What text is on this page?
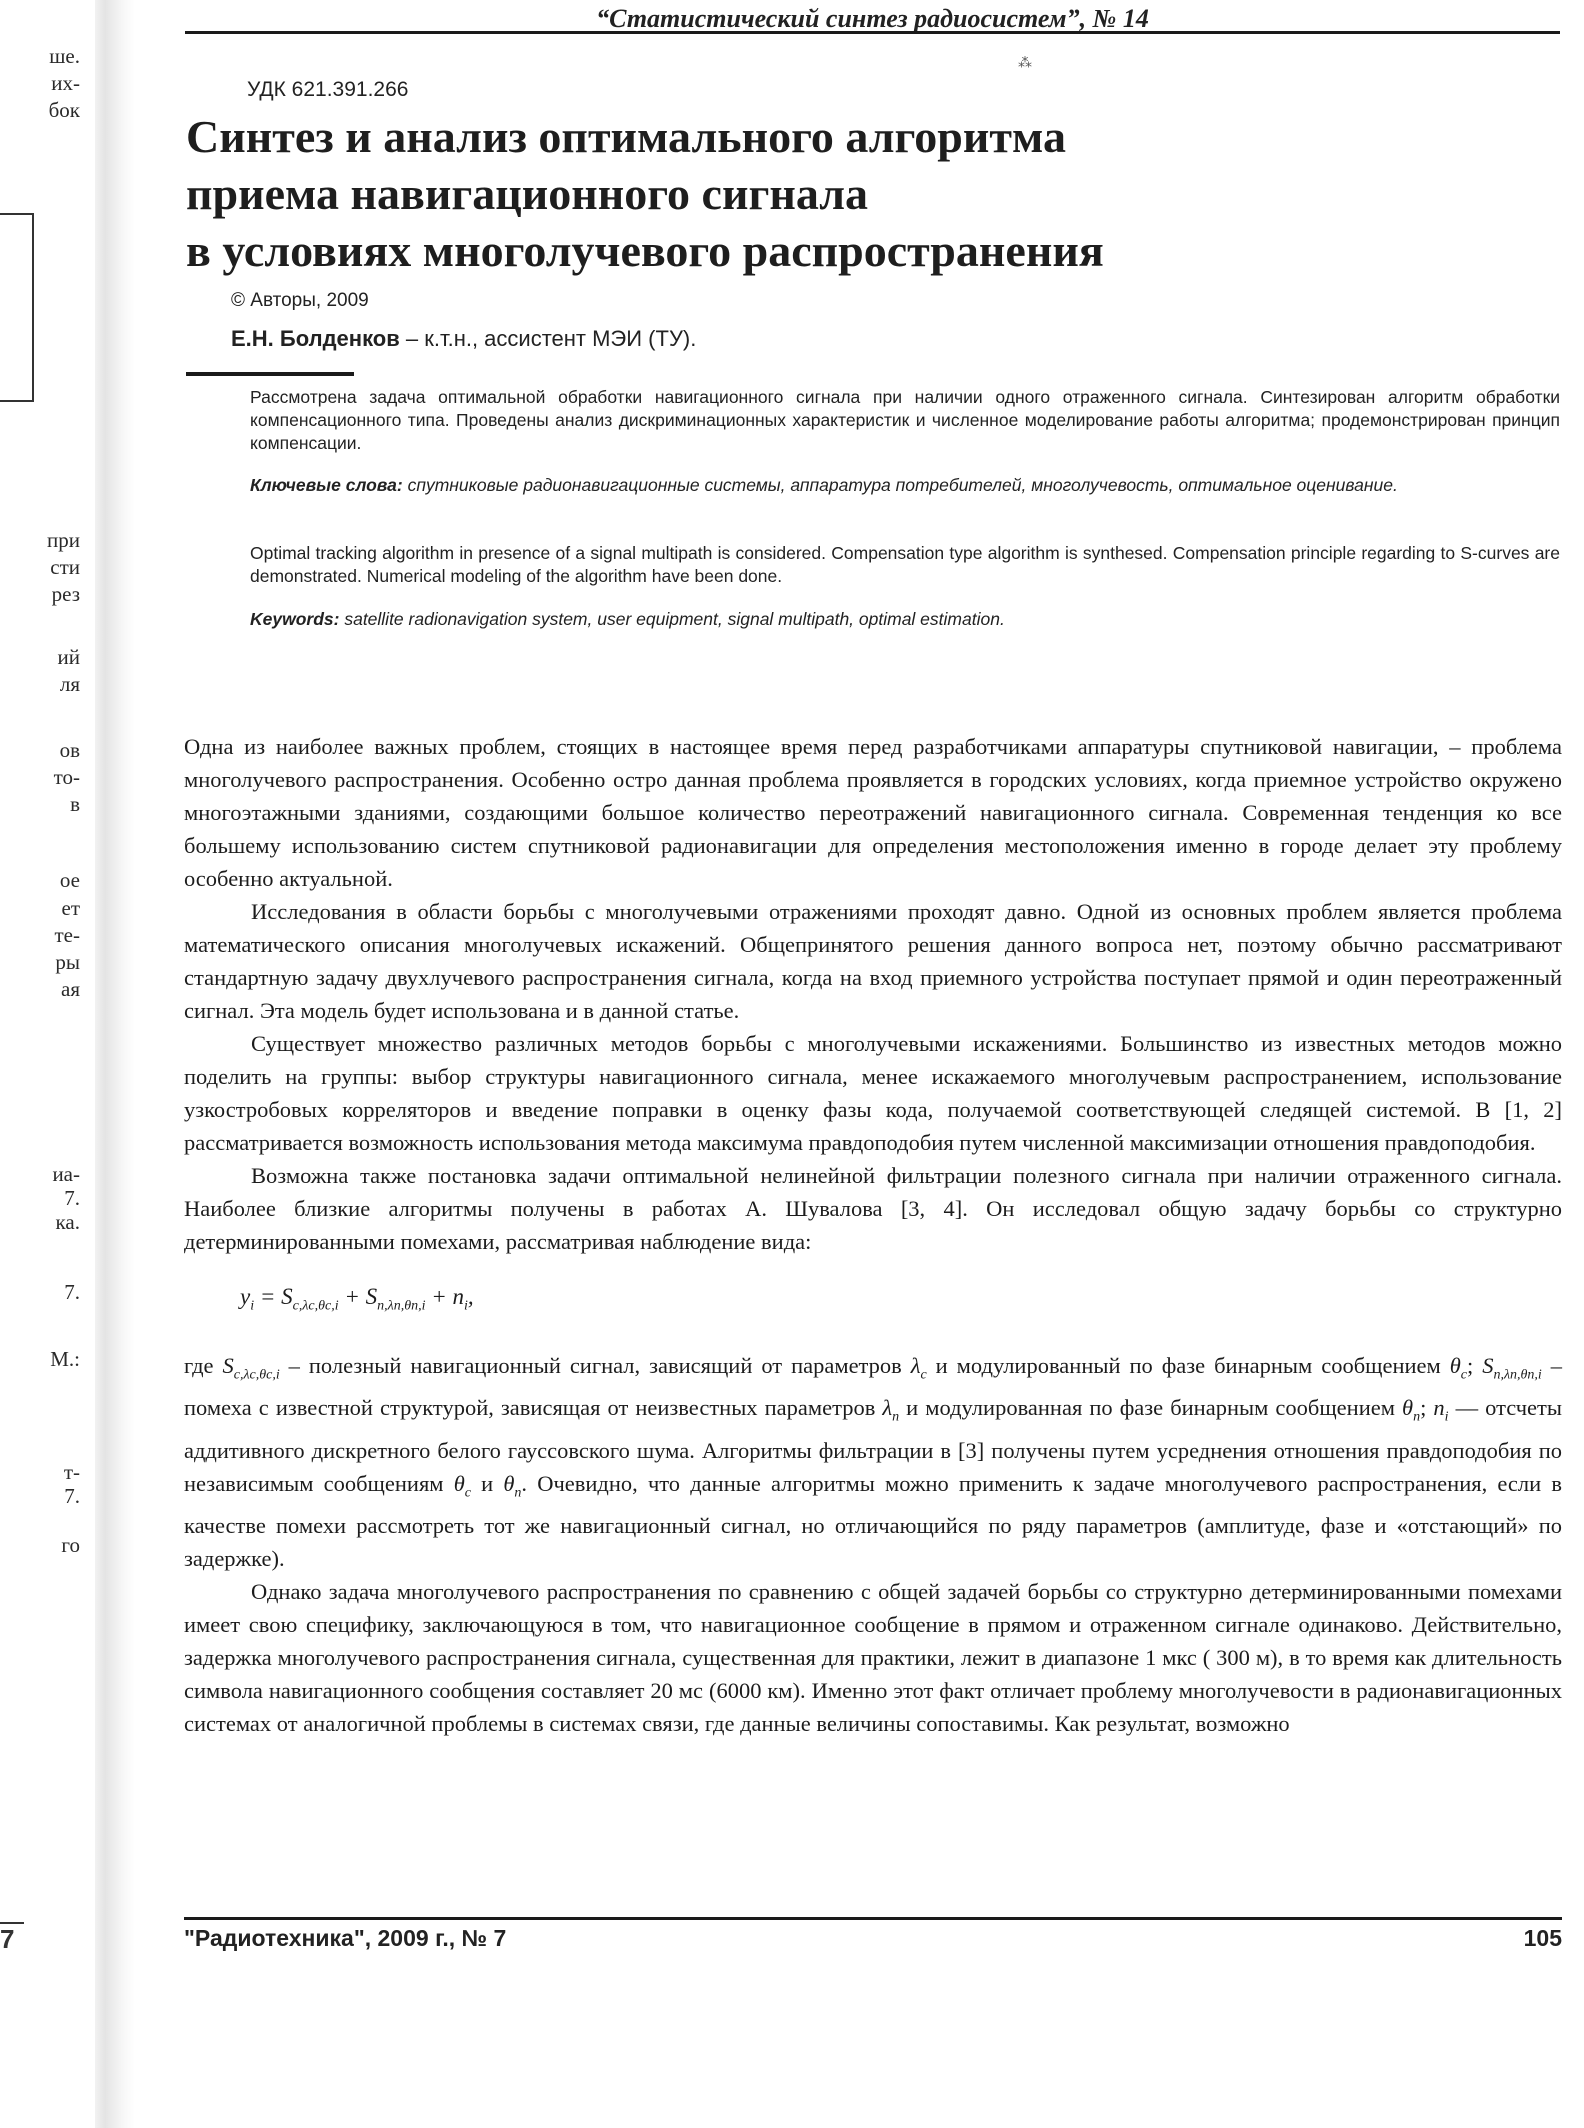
ше.
их-
бок
при
сти
рез
ий
ля
ов
то-
в
ое
ет
те-
ры
ая
иа-
7.
ка.
7.
М.:
т-
7.
го
7
“Статистический синтез радиосистем”, № 14
⁂
УДК 621.391.266
Синтез и анализ оптимального алгоритма
приема навигационного сигнала
в условиях многолучевого распространения
© Авторы, 2009
Е.Н. Болденков – к.т.н., ассистент МЭИ (ТУ).
Рассмотрена задача оптимальной обработки навигационного сигнала при наличии одного отраженного сигнала. Синтезирован алгоритм обработки компенсационного типа. Проведены анализ дискриминационных характеристик и численное моделирование работы алгоритма; продемонстрирован принцип компенсации.
Ключевые слова: спутниковые радионавигационные системы, аппаратура потребителей, многолучевость, оптимальное оценивание.
Optimal tracking algorithm in presence of a signal multipath is considered. Compensation type algorithm is synthesed. Compensation principle regarding to S-curves are demonstrated. Numerical modeling of the algorithm have been done.
Keywords: satellite radionavigation system, user equipment, signal multipath, optimal estimation.

Одна из наиболее важных проблем, стоящих в настоящее время перед разработчиками аппаратуры спутниковой навигации, – проблема многолучевого распространения. Особенно остро данная проблема проявляется в городских условиях, когда приемное устройство окружено многоэтажными зданиями, создающими большое количество переотражений навигационного сигнала. Современная тенденция ко все большему использованию систем спутниковой радионавигации для определения местоположения именно в городе делает эту проблему особенно актуальной.

Исследования в области борьбы с многолучевыми отражениями проходят давно. Одной из основных проблем является проблема математического описания многолучевых искажений. Общепринятого решения данного вопроса нет, поэтому обычно рассматривают стандартную задачу двухлучевого распространения сигнала, когда на вход приемного устройства поступает прямой и один переотраженный сигнал. Эта модель будет использована и в данной статье.

Существует множество различных методов борьбы с многолучевыми искажениями. Большинство из известных методов можно поделить на группы: выбор структуры навигационного сигнала, менее искажаемого многолучевым распространением, использование узкостробовых корреляторов и введение поправки в оценку фазы кода, получаемой соответствующей следящей системой. В [1, 2] рассматривается возможность использования метода максимума правдоподобия путем численной максимизации отношения правдоподобия.

Возможна также постановка задачи оптимальной нелинейной фильтрации полезного сигнала при наличии отраженного сигнала. Наиболее близкие алгоритмы получены в работах А. Шувалова [3, 4]. Он исследовал общую задачу борьбы со структурно детерминированными помехами, рассматривая наблюдение вида:

$y_i = S_{с,\lambda с,\theta с,i} + S_{п,\lambda п,\theta п,i} + n_i$,

где $S_{с,\lambda с,\theta с,i}$ – полезный навигационный сигнал, зависящий от параметров $\lambda_с$ и модулированный по фазе бинарным сообщением $\theta_с$; $S_{п,\lambda п,\theta п,i}$ – помеха с известной структурой, зависящая от неизвестных параметров $\lambda_п$ и модулированная по фазе бинарным сообщением $\theta_п$; $n_i$ — отсчеты аддитивного дискретного белого гауссовского шума. Алгоритмы фильтрации в [3] получены путем усреднения отношения правдоподобия по независимым сообщениям $\theta_с$ и $\theta_п$. Очевидно, что данные алгоритмы можно применить к задаче многолучевого распространения, если в качестве помехи рассмотреть тот же навигационный сигнал, но отличающийся по ряду параметров (амплитуде, фазе и «отстающий» по задержке).

Однако задача многолучевого распространения по сравнению с общей задачей борьбы со структурно детерминированными помехами имеет свою специфику, заключающуюся в том, что навигационное сообщение в прямом и отраженном сигнале одинаково. Действительно, задержка многолучевого распространения сигнала, существенная для практики, лежит в диапазоне 1 мкс ( 300 м), в то время как длительность символа навигационного сообщения составляет 20 мс (6000 км). Именно этот факт отличает проблему многолучевости в радионавигационных системах от аналогичной проблемы в системах связи, где данные величины сопоставимы. Как результат, возможно

"Радиотехника", 2009 г., № 7	105
